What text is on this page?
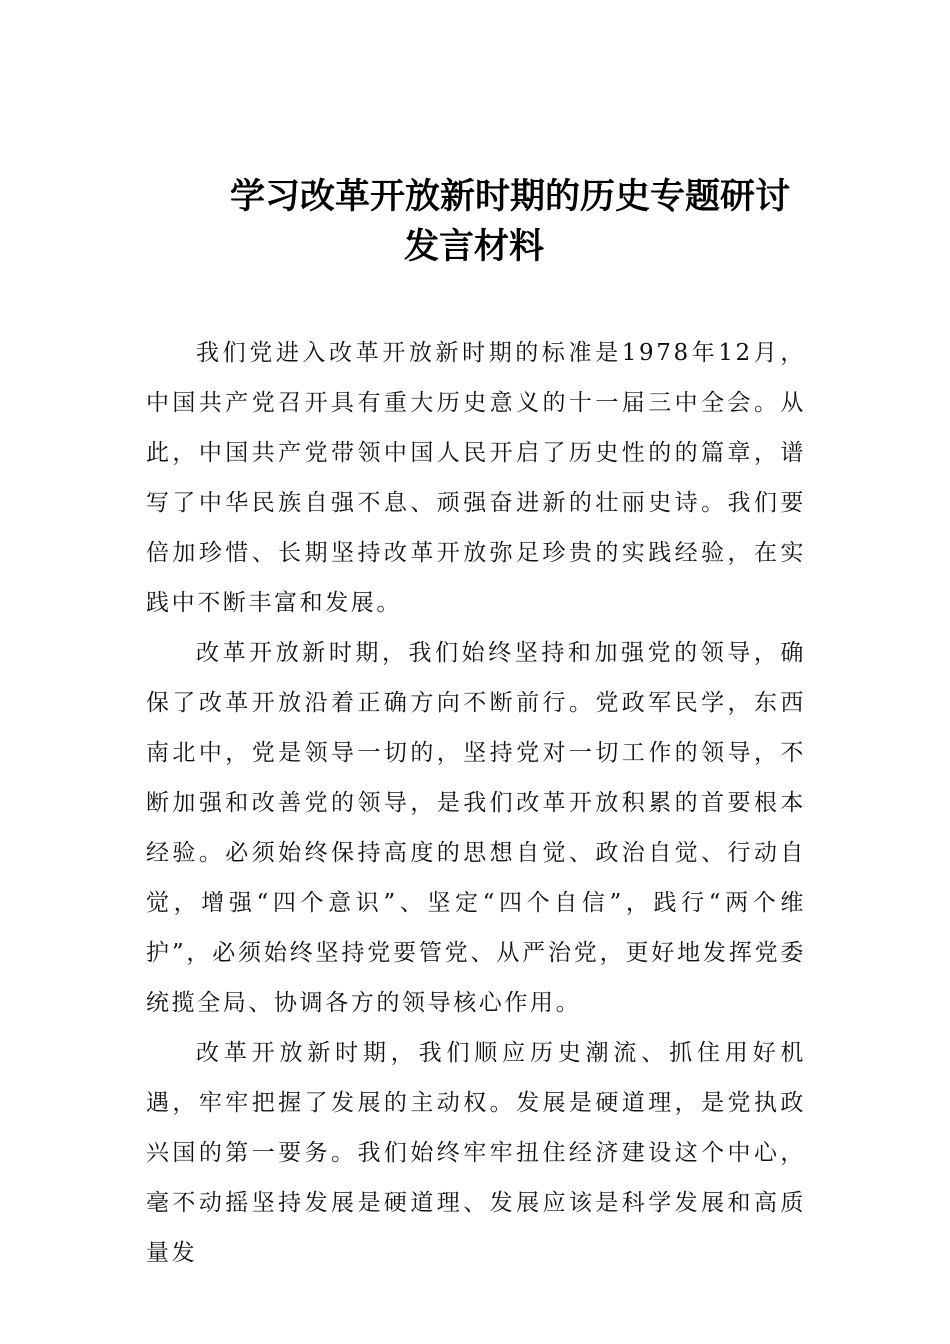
学习改革开放新时期的历史专题研讨
发言材料

我们党进入改革开放新时期的标准是1978年12月，中国共产党召开具有重大历史意义的十一届三中全会。从此，中国共产党带领中国人民开启了历史性的的篇章，谱写了中华民族自强不息、顽强奋进新的壮丽史诗。我们要倍加珍惜、长期坚持改革开放弥足珍贵的实践经验，在实践中不断丰富和发展。

改革开放新时期，我们始终坚持和加强党的领导，确保了改革开放沿着正确方向不断前行。党政军民学，东西南北中，党是领导一切的，坚持党对一切工作的领导，不断加强和改善党的领导，是我们改革开放积累的首要根本经验。必须始终保持高度的思想自觉、政治自觉、行动自觉，增强“四个意识”、坚定“四个自信”，践行“两个维护”，必须始终坚持党要管党、从严治党，更好地发挥党委统揽全局、协调各方的领导核心作用。

改革开放新时期，我们顺应历史潮流、抓住用好机遇，牢牢把握了发展的主动权。发展是硬道理，是党执政兴国的第一要务。我们始终牢牢扭住经济建设这个中心，毫不动摇坚持发展是硬道理、发展应该是科学发展和高质量发
